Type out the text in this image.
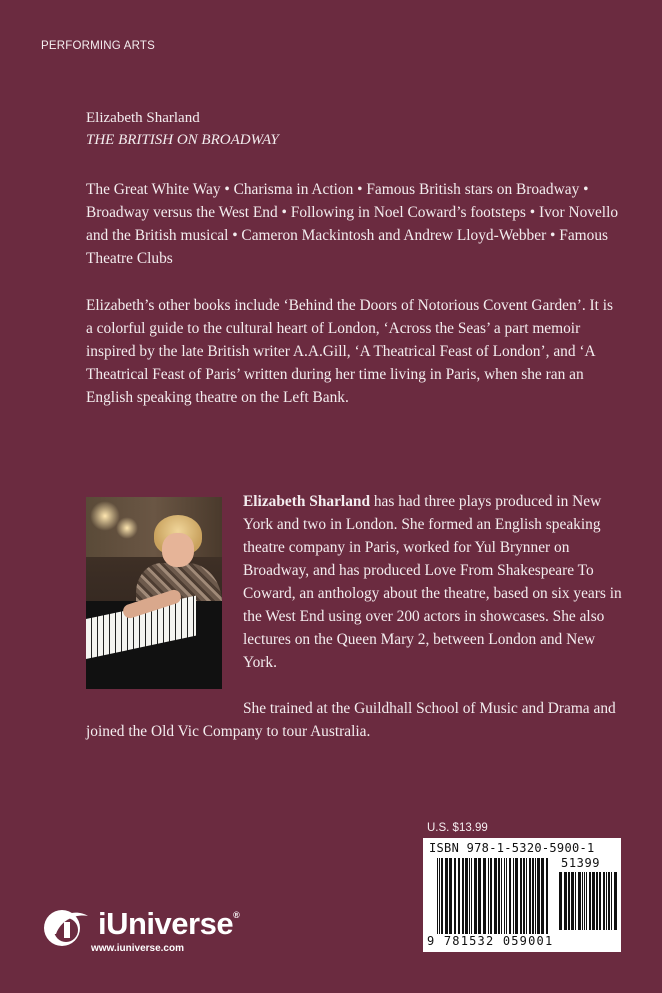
PERFORMING ARTS
Elizabeth Sharland
THE BRITISH ON BROADWAY

The Great White Way • Charisma in Action • Famous British stars on Broadway • Broadway versus the West End • Following in Noel Coward’s footsteps • Ivor Novello and the British musical • Cameron Mackintosh and Andrew Lloyd-Webber • Famous Theatre Clubs

Elizabeth’s other books include ‘Behind the Doors of Notorious Covent Garden’. It is a colorful guide to the cultural heart of London, ‘Across the Seas’ a part memoir inspired by the late British writer A.A.Gill, ‘A Theatrical Feast of London’, and ‘A Theatrical Feast of Paris’ written during her time living in Paris, when she ran an English speaking theatre on the Left Bank.

Elizabeth Sharland has had three plays produced in New York and two in London. She formed an English speaking theatre company in Paris, worked for Yul Brynner on Broadway, and has produced Love From Shakespeare To Coward, an anthology about the theatre, based on six years in the West End using over 200 actors in showcases. She also lectures on the Queen Mary 2, between London and New York.

She trained at the Guildhall School of Music and Drama and joined the Old Vic Company to tour Australia.

U.S. $13.99
ISBN 978-1-5320-5900-1
51399
9 781532 059001
iUniverse®
www.iuniverse.com
